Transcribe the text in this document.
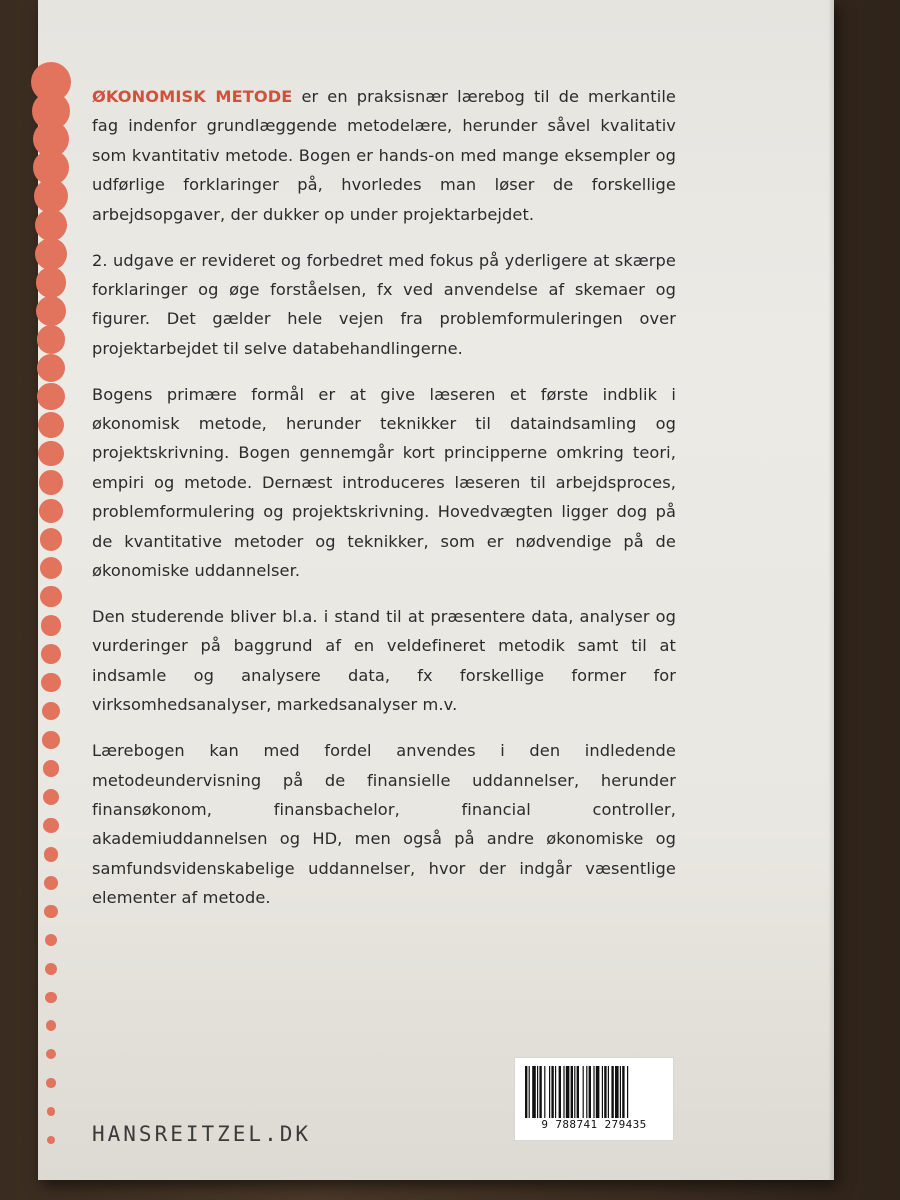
ØKONOMISK METODE er en praksisnær lærebog til de merkantile fag indenfor grundlæggende metodelære, herunder såvel kvalitativ som kvantitativ metode. Bogen er hands-on med mange eksempler og udførlige forklaringer på, hvorledes man løser de forskellige arbejdsopgaver, der dukker op under projektarbejdet.

2. udgave er revideret og forbedret med fokus på yderligere at skærpe forklaringer og øge forståelsen, fx ved anvendelse af skemaer og figurer. Det gælder hele vejen fra problemformuleringen over projektarbejdet til selve databehandlingerne.

Bogens primære formål er at give læseren et første indblik i økonomisk metode, herunder teknikker til dataindsamling og projektskrivning. Bogen gennemgår kort principperne omkring teori, empiri og metode. Dernæst introduceres læseren til arbejdsproces, problemformulering og projektskrivning. Hovedvægten ligger dog på de kvantitative metoder og teknikker, som er nødvendige på de økonomiske uddannelser.

Den studerende bliver bl.a. i stand til at præsentere data, analyser og vurderinger på baggrund af en veldefineret metodik samt til at indsamle og analysere data, fx forskellige former for virksomhedsanalyser, markedsanalyser m.v.

Lærebogen kan med fordel anvendes i den indledende metodeundervisning på de finansielle uddannelser, herunder finansøkonom, finansbachelor, financial controller, akademiuddannelsen og HD, men også på andre økonomiske og samfundsvidenskabelige uddannelser, hvor der indgår væsentlige elementer af metode.

HANSREITZEL.DK	9 788741 279435
